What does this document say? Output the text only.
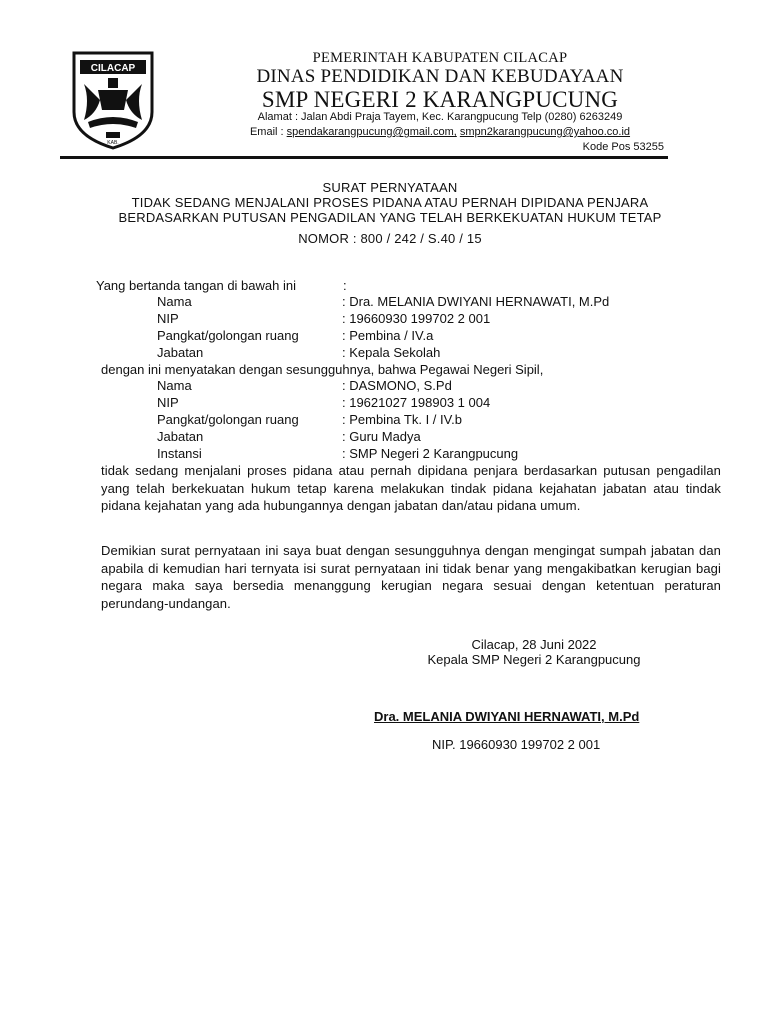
CILACAP
KAB.
PEMERINTAH KABUPATEN CILACAP
DINAS PENDIDIKAN DAN KEBUDAYAAN
SMP NEGERI 2 KARANGPUCUNG
Alamat : Jalan Abdi Praja Tayem, Kec. Karangpucung Telp (0280) 6263249
Email : spendakarangpucung@gmail.com, smpn2karangpucung@yahoo.co.id
Kode Pos 53255
SURAT PERNYATAAN
TIDAK SEDANG MENJALANI PROSES PIDANA ATAU PERNAH DIPIDANA PENJARA
BERDASARKAN PUTUSAN PENGADILAN YANG TELAH BERKEKUATAN HUKUM TETAP
NOMOR : 800 / 242 / S.40 / 15
Yang bertanda tangan di bawah ini	:
Nama	: Dra. MELANIA DWIYANI HERNAWATI, M.Pd
NIP	: 19660930 199702 2 001
Pangkat/golongan ruang	: Pembina / IV.a
Jabatan	: Kepala Sekolah
dengan ini menyatakan dengan sesungguhnya, bahwa Pegawai Negeri Sipil,
Nama	: DASMONO, S.Pd
NIP	: 19621027 198903 1 004
Pangkat/golongan ruang	: Pembina Tk. I / IV.b
Jabatan	: Guru Madya
Instansi	: SMP Negeri 2 Karangpucung
tidak sedang menjalani proses pidana atau pernah dipidana penjara berdasarkan putusan pengadilan yang telah berkekuatan hukum tetap karena melakukan tindak pidana kejahatan jabatan atau tindak pidana kejahatan yang ada hubungannya dengan jabatan dan/atau pidana umum.
Demikian surat pernyataan ini saya buat dengan sesungguhnya dengan mengingat sumpah jabatan dan apabila di kemudian hari ternyata isi surat pernyataan ini tidak benar yang mengakibatkan kerugian bagi negara maka saya bersedia menanggung kerugian negara sesuai dengan ketentuan peraturan perundang-undangan.
Cilacap, 28 Juni 2022
Kepala SMP Negeri 2 Karangpucung
Dra. MELANIA DWIYANI HERNAWATI, M.Pd
NIP. 19660930 199702 2 001
